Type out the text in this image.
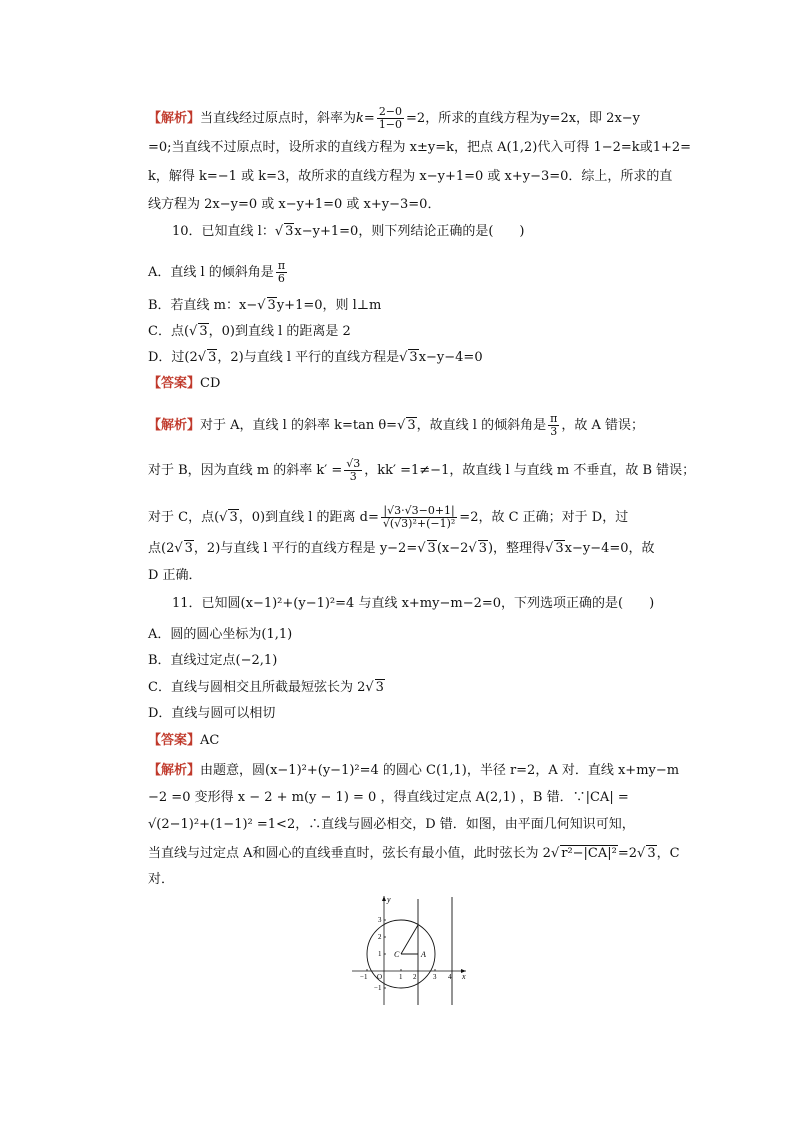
【解析】当直线经过原点时，斜率为$k= \frac{2-0}{1-0} =2$，所求的直线方程为y=2x，即 2x−y
=0;当直线不过原点时，设所求的直线方程为 x±y=k，把点 A(1,2)代入可得 1−2=k或1+2=
k，解得 k=−1 或 k=3，故所求的直线方程为 x−y+1=0 或 x+y−3=0．综上，所求的直
线方程为 2x−y=0 或 x−y+1=0 或 x+y−3=0．
10．已知直线 l：√ 3x−y+1=0，则下列结论正确的是(　　)
A．直线 l 的倾斜角是 $\frac{\pi}{6}$
B．若直线 m：x−√ 3y+1=0，则 l⊥m
C．点(√ 3，0)到直线 l 的距离是 2
D．过(2√ 3，2)与直线 l 平行的直线方程是√ 3x−y−4=0
【答案】CD
【解析】对于 A，直线 l 的斜率 k=tan θ=√ 3，故直线 l 的倾斜角是 $\frac{\pi}{3}$ ，故 A 错误；
对于 B，因为直线 m 的斜率 $k' = \frac{√3}{3}$ ，kk′ =1≠−1，故直线 l 与直线 m 不垂直，故 B 错误；
对于 C，点(√ 3，0)到直线 l 的距离 $d= \frac{|√3\cdot√3-0+1|}{\text{√(√3)²+(−1)²}} =2$，故 C 正确；对于 D，过
点(2√ 3，2)与直线 l 平行的直线方程是 y−2=√ 3(x−2√ 3)，整理得√ 3x−y−4=0，故
D 正确．
11．已知圆(x−1)²+(y−1)²=4 与直线 x+my−m−2=0，下列选项正确的是(　　)
A．圆的圆心坐标为(1,1)
B．直线过定点(−2,1)
C．直线与圆相交且所截最短弦长为 2√ 3
D．直线与圆可以相切
【答案】AC
【解析】由题意，圆(x−1)²+(y−1)²=4 的圆心 C(1,1)，半径 r=2，A 对．直线 x+my−m
−2 =0 变形得 x − 2 + m(y − 1) = 0 ，得直线过定点 A(2,1) ，B 错．∵|CA| =
√(2−1)²+(1−1)² =1<2，∴直线与圆必相交，D 错．如图，由平面几何知识可知，
当直线与过定点 A和圆心的直线垂直时，弦长有最小值，此时弦长为 2√ r²−|CA|²=2√ 3，C
对．
x
y
O
C	A
−1	1 2 3 4
3
2
1
−1
